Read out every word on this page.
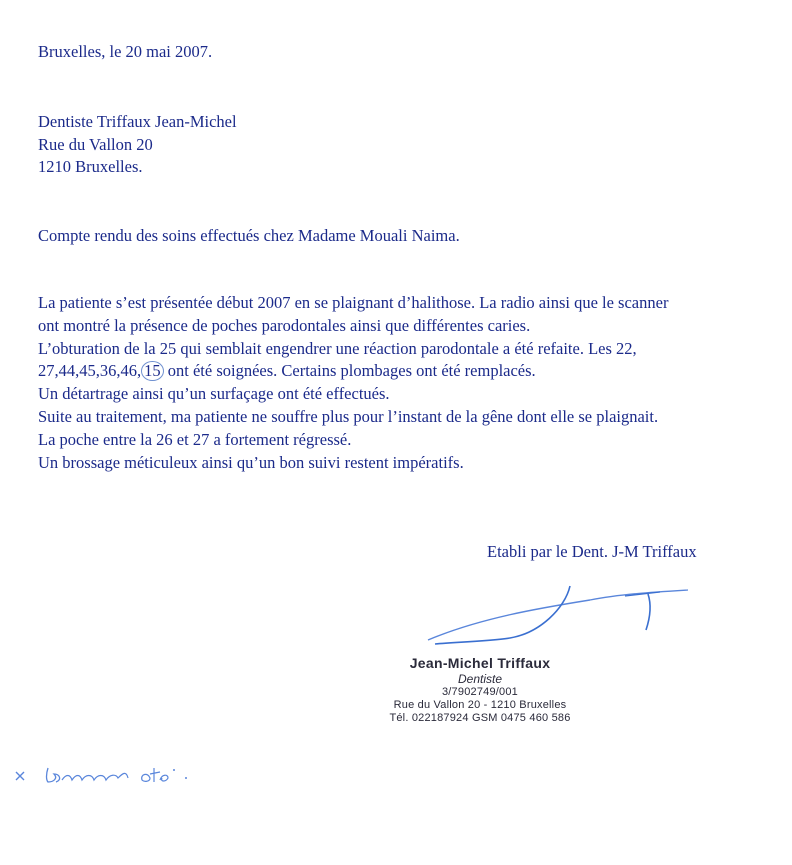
Bruxelles, le 20 mai 2007.
Dentiste Triffaux Jean-Michel
Rue du Vallon 20
1210 Bruxelles.
Compte rendu des soins effectués chez Madame Mouali Naima.
La patiente s’est présentée début 2007 en se plaignant d’halithose. La radio ainsi que le scanner
ont montré la présence de poches parodontales ainsi que différentes caries.
L’obturation de la 25 qui semblait engendrer une réaction parodontale a été refaite. Les 22,
27,44,45,36,46, 15 ont été soignées. Certains plombages ont été remplacés.
Un détartrage ainsi qu’un surfaçage ont été effectués.
Suite au traitement, ma patiente ne souffre plus pour l’instant de la gêne dont elle se plaignait.
La poche entre la 26 et 27 a fortement régressé.
Un brossage méticuleux ainsi qu’un bon suivi restent impératifs.
Etabli par le Dent. J-M Triffaux
Jean-Michel Triffaux
Dentiste
3/7902749/001
Rue du Vallon 20 - 1210 Bruxelles
Tél. 022187924 GSM 0475 460 586
* Brossement ôté.
